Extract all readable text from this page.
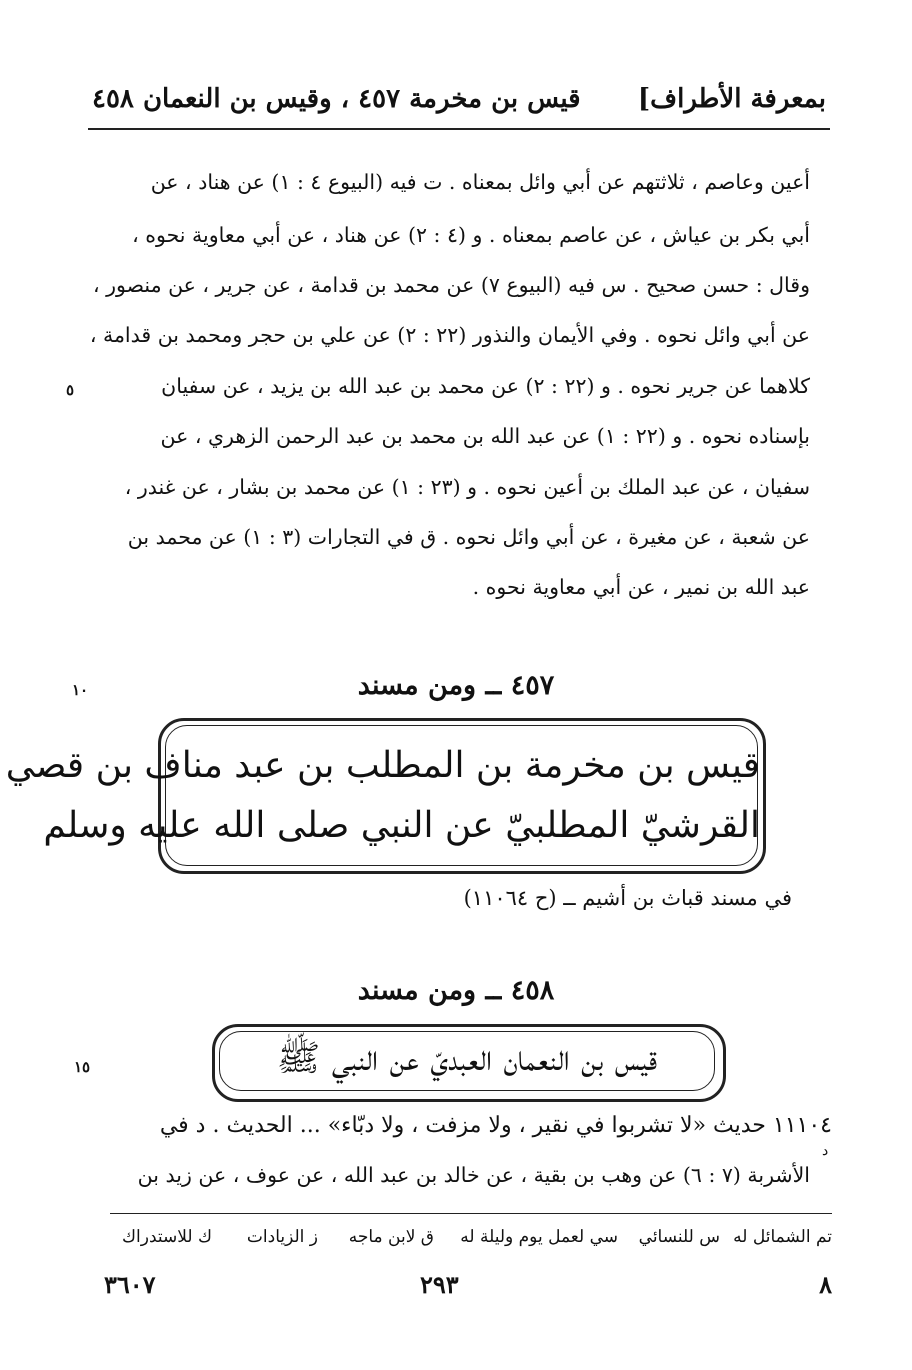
بمعرفة الأطراف]
قيس بن مخرمة ٤٥٧ ، وقيس بن النعمان ٤٥٨
أعين وعاصم ، ثلاثتهم عن أبي وائل بمعناه . ت فيه (البيوع ٤ : ١) عن هناد ، عن
أبي بكر بن عياش ، عن عاصم بمعناه . و (٤ : ٢) عن هناد ، عن أبي معاوية نحوه ،
وقال : حسن صحيح . س فيه (البيوع ٧) عن محمد بن قدامة ، عن جرير ، عن منصور ،
عن أبي وائل نحوه . وفي الأيمان والنذور (٢٢ : ٢) عن علي بن حجر ومحمد بن قدامة ،
كلاهما عن جرير نحوه . و (٢٢ : ٢) عن محمد بن عبد الله بن يزيد ، عن سفيان
بإسناده نحوه . و (٢٢ : ١) عن عبد الله بن محمد بن عبد الرحمن الزهري ، عن
سفيان ، عن عبد الملك بن أعين نحوه . و (٢٣ : ١) عن محمد بن بشار ، عن غندر ،
عن شعبة ، عن مغيرة ، عن أبي وائل نحوه . ق في التجارات (٣ : ١) عن محمد بن
عبد الله بن نمير ، عن أبي معاوية نحوه .
٥
١٠
١٥
٤٥٧ ــ ومن مسند
قيس بن مخرمة بن المطلب بن عبد مناف بن قصي
القرشيّ المطلبيّ عن النبي صلى الله عليه وسلم
في مسند قباث بن أشيم ــ (ح ١١٠٦٤)
٤٥٨ ــ ومن مسند
قيس بن النعمان العبديّ عن النبي ﷺ
١١١٠٤ حديث «لا تشربوا في نقير ، ولا مزفت ، ولا دبّاء» ... الحديث . د في
الأشربة (٧ : ٦) عن وهب بن بقية ، عن خالد بن عبد الله ، عن عوف ، عن زيد بن
د
تم الشمائل له
س للنسائي
سي لعمل يوم وليلة له
ق لابن ماجه
ز الزيادات
ك للاستدراك
٨
٢٩٣
٣٦٠٧
